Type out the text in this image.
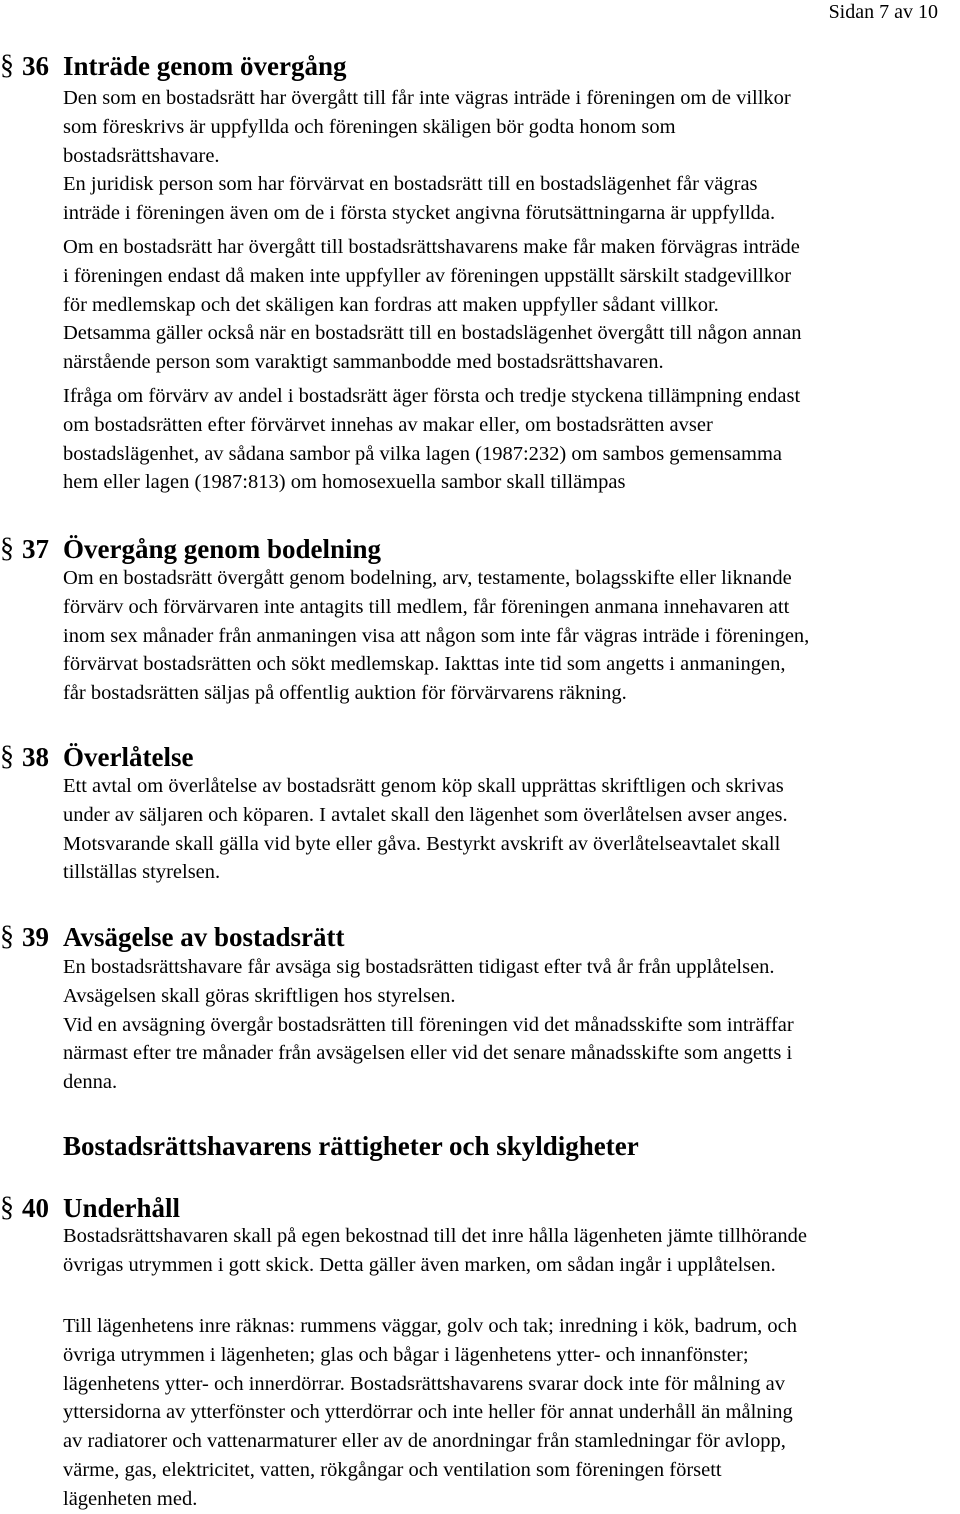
Sidan 7 av 10
§ 36 Inträde genom övergång

Den som en bostadsrätt har övergått till får inte vägras inträde i föreningen om de villkor
som föreskrivs är uppfyllda och föreningen skäligen bör godta honom som
bostadsrättshavare.

En juridisk person som har förvärvat en bostadsrätt till en bostadslägenhet får vägras
inträde i föreningen även om de i första stycket angivna förutsättningarna är uppfyllda.

Om en bostadsrätt har övergått till bostadsrättshavarens make får maken förvägras inträde
i föreningen endast då maken inte uppfyller av föreningen uppställt särskilt stadgevillkor
för medlemskap och det skäligen kan fordras att maken uppfyller sådant villkor.
Detsamma gäller också när en bostadsrätt till en bostadslägenhet övergått till någon annan
närstående person som varaktigt sammanbodde med bostadsrättshavaren.

Ifråga om förvärv av andel i bostadsrätt äger första och tredje styckena tillämpning endast
om bostadsrätten efter förvärvet innehas av makar eller, om bostadsrätten avser
bostadslägenhet, av sådana sambor på vilka lagen (1987:232) om sambos gemensamma
hem eller lagen (1987:813) om homosexuella sambor skall tillämpas

§ 37 Övergång genom bodelning

Om en bostadsrätt övergått genom bodelning, arv, testamente, bolagsskifte eller liknande
förvärv och förvärvaren inte antagits till medlem, får föreningen anmana innehavaren att
inom sex månader från anmaningen visa att någon som inte får vägras inträde i föreningen,
förvärvat bostadsrätten och sökt medlemskap. Iakttas inte tid som angetts i anmaningen,
får bostadsrätten säljas på offentlig auktion för förvärvarens räkning.

§ 38 Överlåtelse

Ett avtal om överlåtelse av bostadsrätt genom köp skall upprättas skriftligen och skrivas
under av säljaren och köparen. I avtalet skall den lägenhet som överlåtelsen avser anges.
Motsvarande skall gälla vid byte eller gåva. Bestyrkt avskrift av överlåtelseavtalet skall
tillställas styrelsen.

§ 39 Avsägelse av bostadsrätt

En bostadsrättshavare får avsäga sig bostadsrätten tidigast efter två år från upplåtelsen.
Avsägelsen skall göras skriftligen hos styrelsen.
Vid en avsägning övergår bostadsrätten till föreningen vid det månadsskifte som inträffar
närmast efter tre månader från avsägelsen eller vid det senare månadsskifte som angetts i
denna.

Bostadsrättshavarens rättigheter och skyldigheter
§ 40 Underhåll

Bostadsrättshavaren skall på egen bekostnad till det inre hålla lägenheten jämte tillhörande
övrigas utrymmen i gott skick. Detta gäller även marken, om sådan ingår i upplåtelsen.

Till lägenhetens inre räknas: rummens väggar, golv och tak; inredning i kök, badrum, och
övriga utrymmen i lägenheten; glas och bågar i lägenhetens ytter- och innanfönster;
lägenhetens ytter- och innerdörrar. Bostadsrättshavarens svarar dock inte för målning av
yttersidorna av ytterfönster och ytterdörrar och inte heller för annat underhåll än målning
av radiatorer och vattenarmaturer eller av de anordningar från stamledningar för avlopp,
värme, gas, elektricitet, vatten, rökgångar och ventilation som föreningen försett
lägenheten med.
